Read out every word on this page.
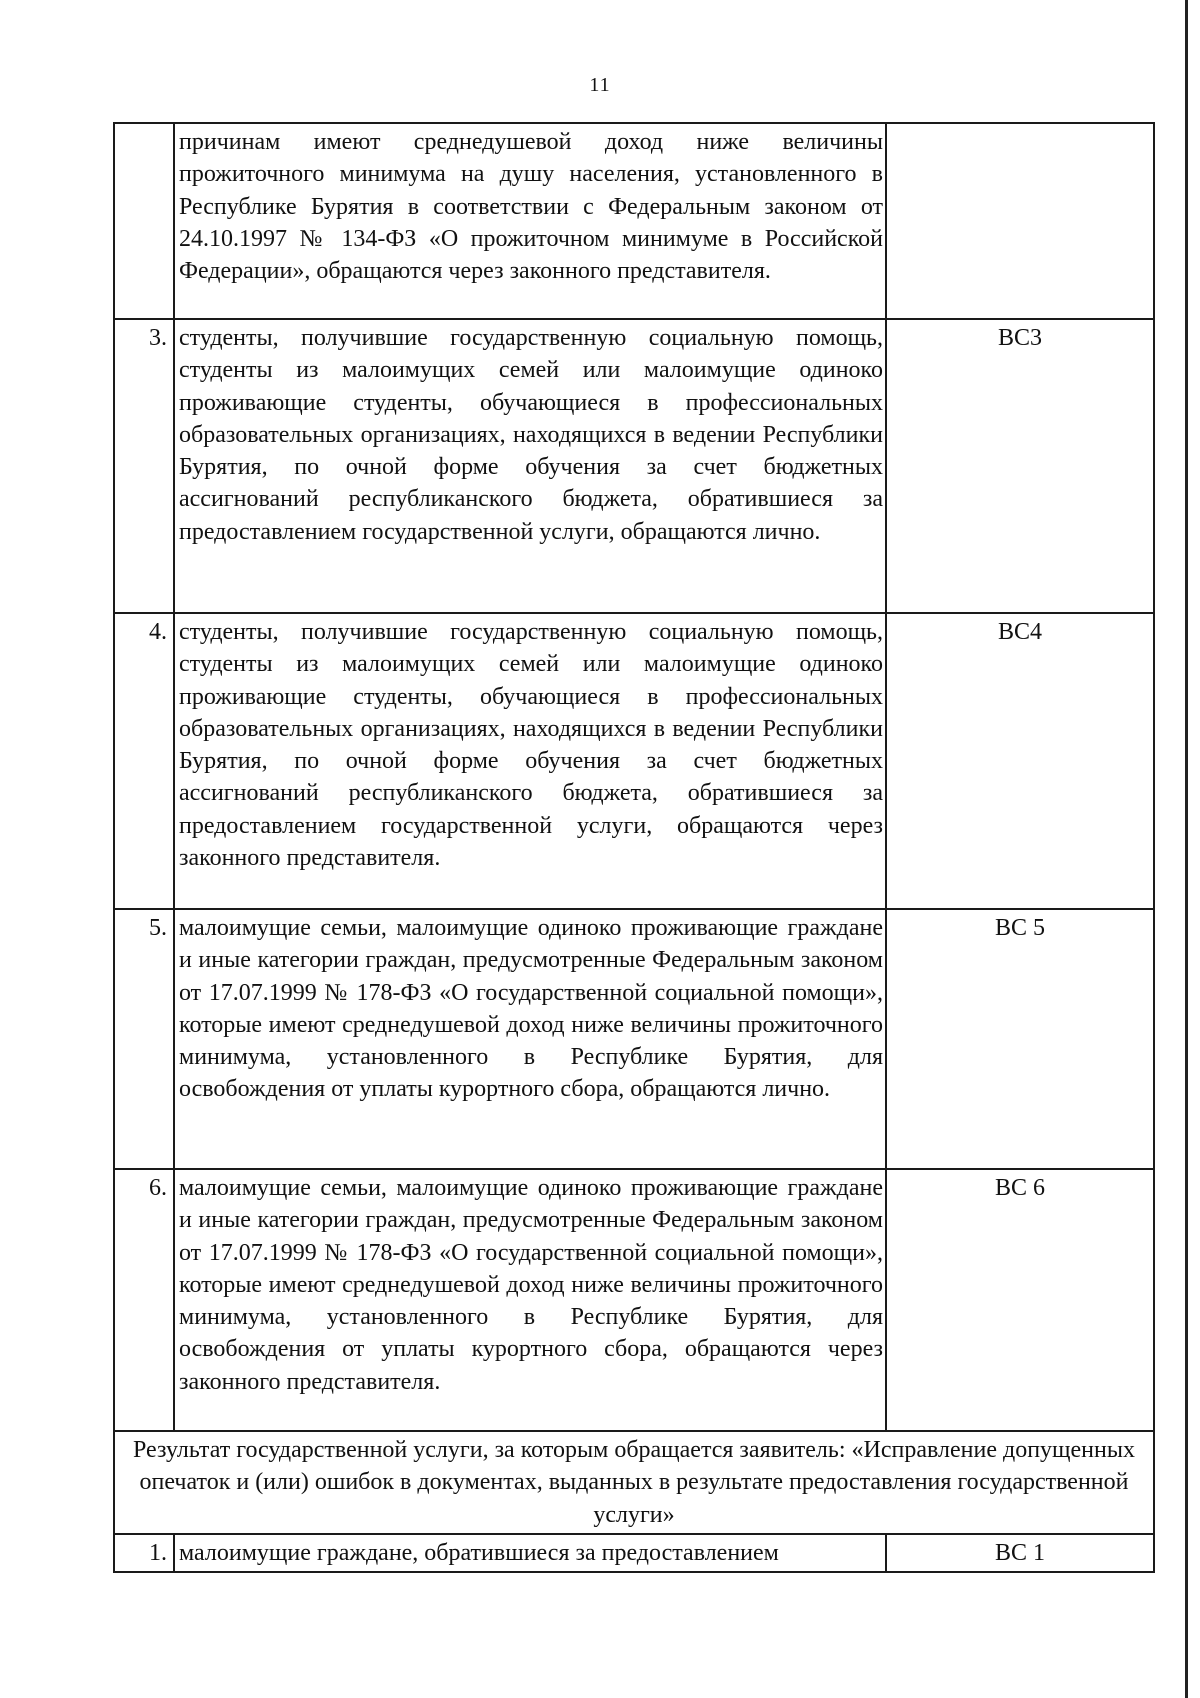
11
	причинам имеют среднедушевой доход ниже величины прожиточного минимума на душу населения, установленного в Республике Бурятия в соответствии с Федеральным законом от 24.10.1997 № 134-ФЗ «О прожиточном минимуме в Российской Федерации», обращаются через законного представителя.	
3.	студенты, получившие государственную социальную помощь, студенты из малоимущих семей или малоимущие одиноко проживающие студенты, обучающиеся в профессиональных образовательных организациях, находящихся в ведении Республики Бурятия, по очной форме обучения за счет бюджетных ассигнований республиканского бюджета, обратившиеся за предоставлением государственной услуги, обращаются лично.	ВС3
4.	студенты, получившие государственную социальную помощь, студенты из малоимущих семей или малоимущие одиноко проживающие студенты, обучающиеся в профессиональных образовательных организациях, находящихся в ведении Республики Бурятия, по очной форме обучения за счет бюджетных ассигнований республиканского бюджета, обратившиеся за предоставлением государственной услуги, обращаются через законного представителя.	ВС4
5.	малоимущие семьи, малоимущие одиноко проживающие граждане и иные категории граждан, предусмотренные Федеральным законом от 17.07.1999 № 178-ФЗ «О государственной социальной помощи», которые имеют среднедушевой доход ниже величины прожиточного минимума, установленного в Республике Бурятия, для освобождения от уплаты курортного сбора, обращаются лично.	ВС 5
6.	малоимущие семьи, малоимущие одиноко проживающие граждане и иные категории граждан, предусмотренные Федеральным законом от 17.07.1999 № 178-ФЗ «О государственной социальной помощи», которые имеют среднедушевой доход ниже величины прожиточного минимума, установленного в Республике Бурятия, для освобождения от уплаты курортного сбора, обращаются через законного представителя.	ВС 6
Результат государственной услуги, за которым обращается заявитель: «Исправление допущенных опечаток и (или) ошибок в документах, выданных в результате предоставления государственной услуги»		
1.	малоимущие граждане, обратившиеся за предоставлением	ВС 1
